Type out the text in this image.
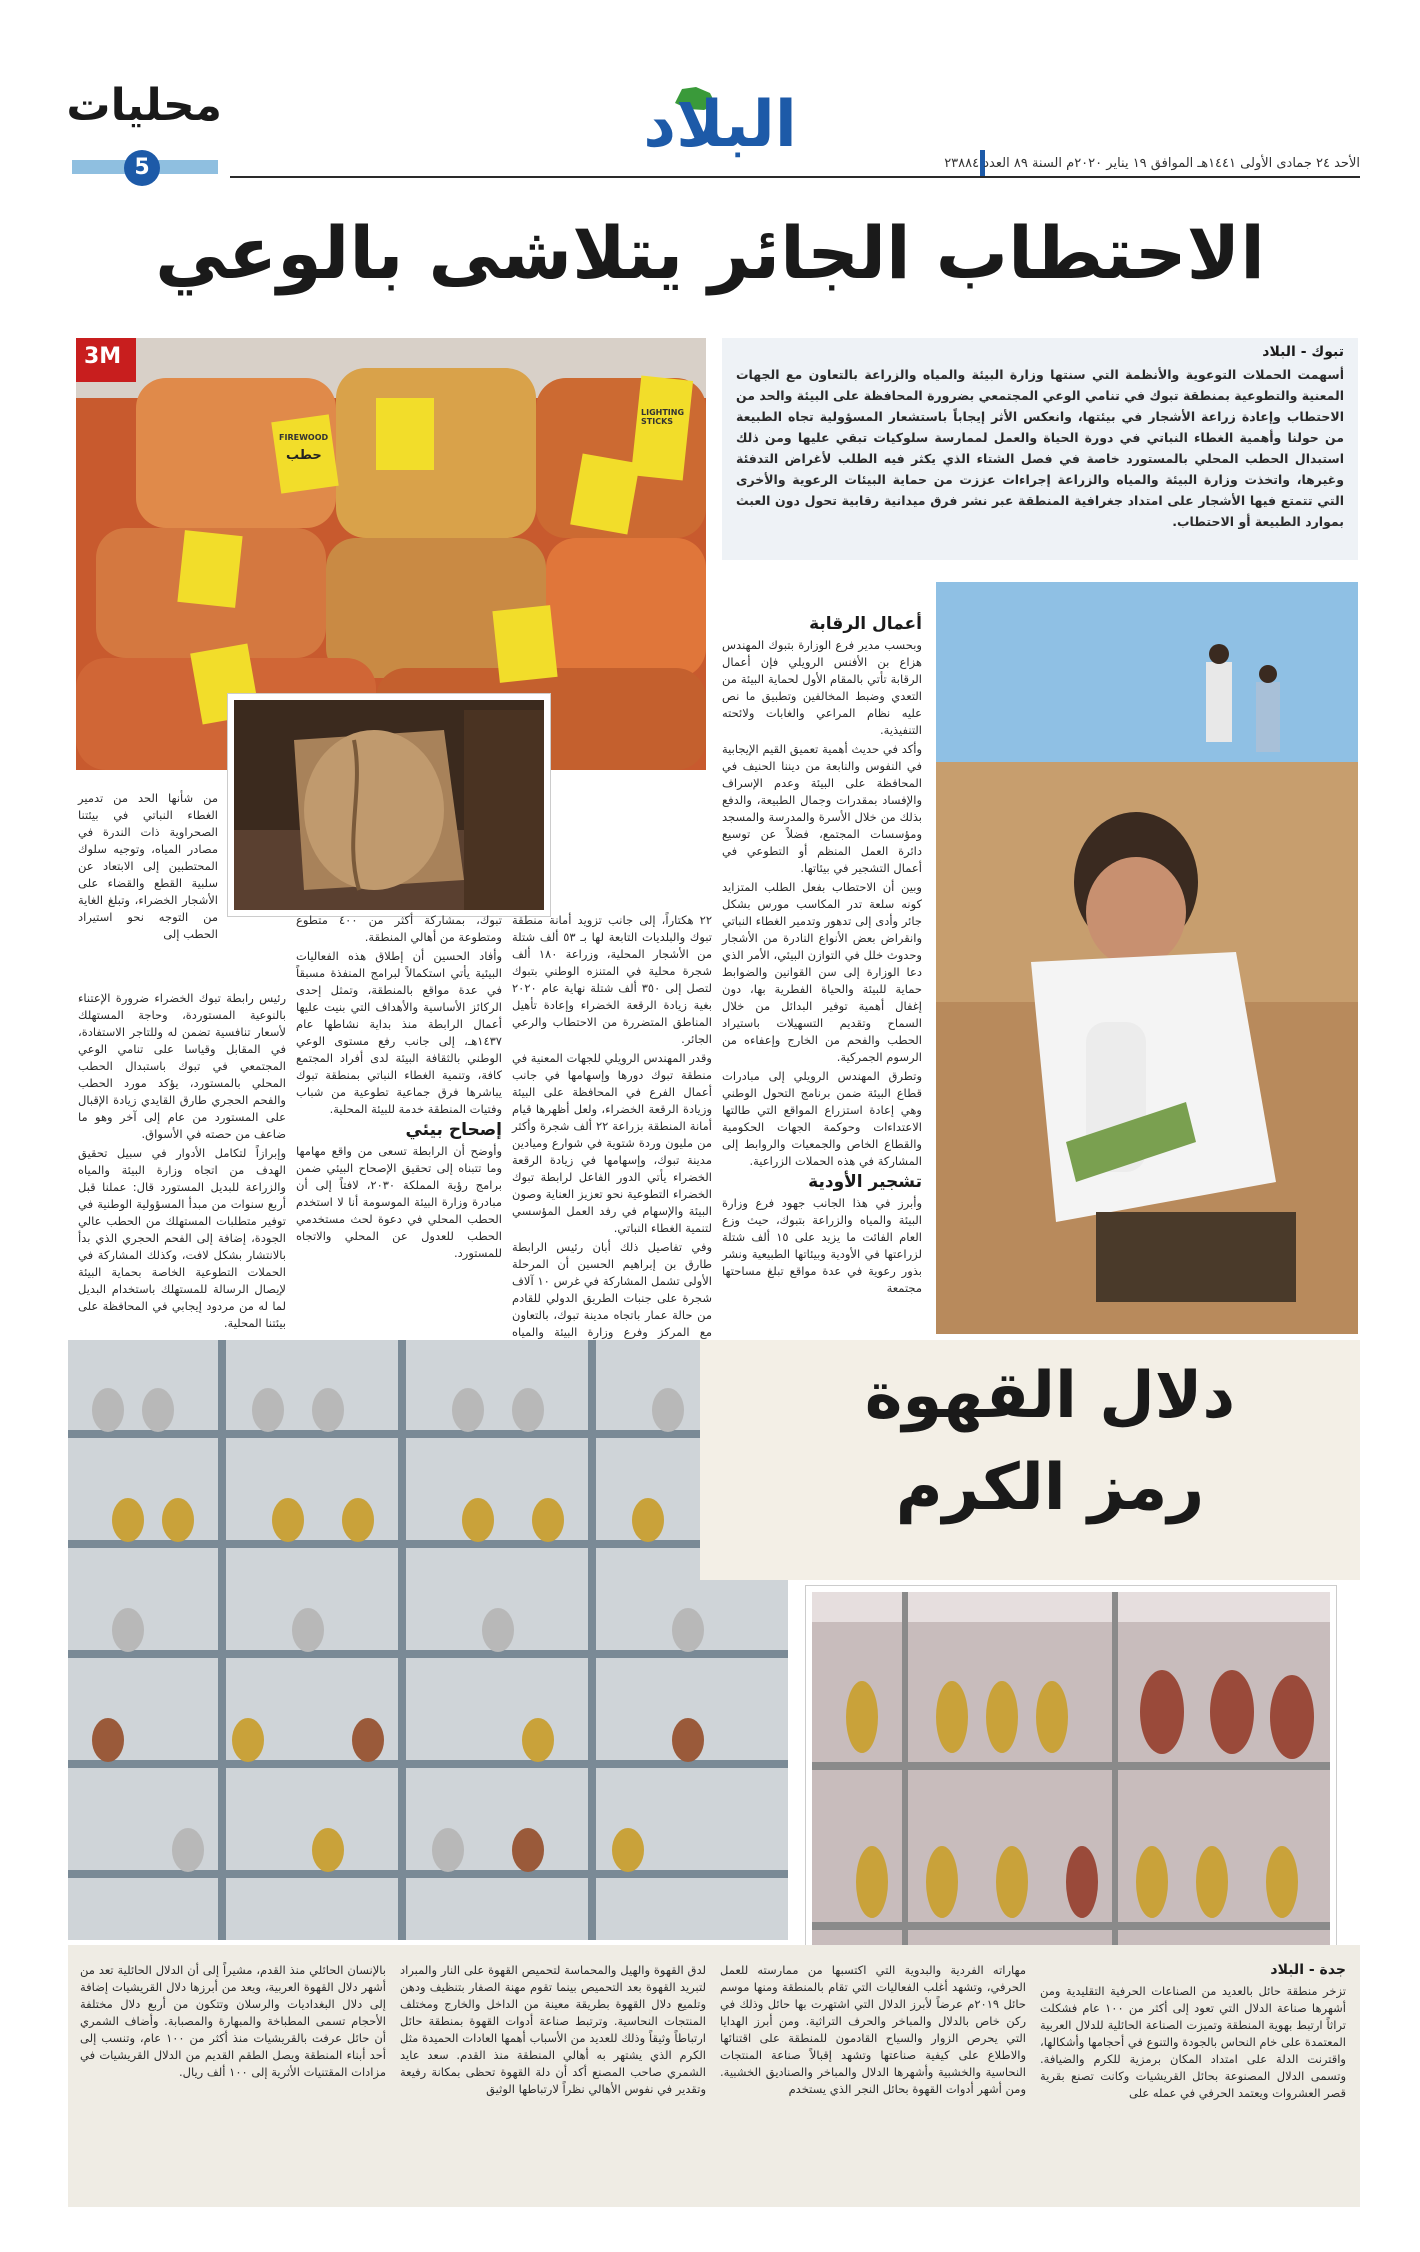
الأحد ٢٤ جمادى الأولى ١٤٤١هـ الموافق ١٩ يناير ٢٠٢٠م السنة ٨٩ العدد ٢٣٨٨٤
البلاد
محليات
5
الاحتطاب الجائر يتلاشى بالوعي
3M
FIREWOOD
حطب
LIGHTING STICKS
تبوك - البلاد
أسهمت الحملات التوعوية والأنظمة التي سنتها وزارة البيئة والمياه والزراعة بالتعاون مع الجهات المعنية والتطوعية بمنطقة تبوك في تنامي الوعي المجتمعي بضرورة المحافظة على البيئة والحد من الاحتطاب وإعادة زراعة الأشجار في بيئتها، وانعكس الأثر إيجاباً باستشعار المسؤولية تجاه الطبيعة من حولنا وأهمية الغطاء النباتي في دورة الحياة والعمل لممارسة سلوكيات تبقي عليها ومن ذلك استبدال الحطب المحلي بالمستورد خاصة في فصل الشتاء الذي يكثر فيه الطلب لأغراض التدفئة وغيرها، واتخذت وزارة البيئة والمياه والزراعة إجراءات عززت من حماية البيئات الرعوية والأخرى التي تتمتع فيها الأشجار على امتداد جغرافية المنطقة عبر نشر فرق ميدانية رقابية تحول دون العبث بموارد الطبيعة أو الاحتطاب.
أعمال الرقابة

وبحسب مدير فرع الوزارة بتبوك المهندس هزاع بن الأفنس الرويلي فإن أعمال الرقابة تأتي بالمقام الأول لحماية البيئة من التعدي وضبط المخالفين وتطبيق ما نص عليه نظام المراعي والغابات ولائحته التنفيذية.

وأكد في حديث أهمية تعميق القيم الإيجابية في النفوس والنابعة من ديننا الحنيف في المحافظة على البيئة وعدم الإسراف والإفساد بمقدرات وجمال الطبيعة، والدفع بذلك من خلال الأسرة والمدرسة والمسجد ومؤسسات المجتمع، فضلاً عن توسيع دائرة العمل المنظم أو التطوعي في أعمال التشجير في بيئاتها.

وبين أن الاحتطاب بفعل الطلب المتزايد كونه سلعة تدر المكاسب مورس بشكل جائر وأدى إلى تدهور وتدمير الغطاء النباتي وانقراض بعض الأنواع النادرة من الأشجار وحدوث خلل في التوازن البيئي، الأمر الذي دعا الوزارة إلى سن القوانين والضوابط حماية للبيئة والحياة الفطرية بها، دون إغفال أهمية توفير البدائل من خلال السماح وتقديم التسهيلات باستيراد الحطب والفحم من الخارج وإعفاءه من الرسوم الجمركية.

وتطرق المهندس الرويلي إلى مبادرات قطاع البيئة ضمن برنامج التحول الوطني وهي إعادة استزراع المواقع التي طالتها الاعتداءات وحوكمة الجهات الحكومية والقطاع الخاص والجمعيات والروابط إلى المشاركة في هذه الحملات الزراعية.

تشجير الأودية

وأبرز في هذا الجانب جهود فرع وزارة البيئة والمياه والزراعة بتبوك، حيث وزع العام الفائت ما يزيد على ١٥ ألف شتلة لزراعتها في الأودية وبيئاتها الطبيعية ونشر بذور رعوية في عدة مواقع تبلغ مساحتها مجتمعة

٢٢ هكتاراً، إلى جانب تزويد أمانة منطقة تبوك والبلديات التابعة لها بـ ٥٣ ألف شتلة من الأشجار المحلية، وزراعة ١٨٠ ألف شجرة محلية في المتنزه الوطني بتبوك لتصل إلى ٣٥٠ ألف شتلة نهاية عام ٢٠٢٠ بغية زيادة الرقعة الخضراء وإعادة تأهيل المناطق المتضررة من الاحتطاب والرعي الجائر.

وقدر المهندس الرويلي للجهات المعنية في منطقة تبوك دورها وإسهامها في جانب أعمال الفرع في المحافظة على البيئة وزيادة الرقعة الخضراء، ولعل أظهرها قيام أمانة المنطقة بزراعة ٢٢ ألف شجرة وأكثر من مليون وردة شتوية في شوارع وميادين مدينة تبوك، وإسهامها في زيادة الرقعة الخضراء يأتي الدور الفاعل لرابطة تبوك الخضراء التطوعية نحو تعزيز العناية وصون البيئة والإسهام في رفد العمل المؤسسي لتنمية الغطاء النباتي.

وفي تفاصيل ذلك أبان رئيس الرابطة طارق بن إبراهيم الحسين أن المرحلة الأولى تشمل المشاركة في غرس ١٠ آلاف شجرة على جنبات الطريق الدولي للقادم من حالة عمار باتجاه مدينة تبوك، بالتعاون مع المركز وفرع وزارة البيئة والمياه

تبوك، بمشاركة أكثر من ٤٠٠ متطوع ومتطوعة من أهالي المنطقة.

وأفاد الحسين أن إطلاق هذه الفعاليات البيئية يأتي استكمالاً لبرامج المنفذة مسبقاً في عدة مواقع بالمنطقة، وتمثل إحدى الركائز الأساسية والأهداف التي بنيت عليها أعمال الرابطة منذ بداية نشاطها عام ١٤٣٧هـ، إلى جانب رفع مستوى الوعي الوطني بالثقافة البيئة لدى أفراد المجتمع كافة، وتنمية الغطاء النباتي بمنطقة تبوك يباشرها فرق جماعية تطوعية من شباب وفتيات المنطقة خدمة للبيئة المحلية.

إصحاح بيئي

وأوضح أن الرابطة تسعى من واقع مهامها وما تتبناه إلى تحقيق الإصحاح البيئي ضمن برامج رؤية المملكة ٢٠٣٠، لافتاً إلى أن مبادرة وزارة البيئة الموسومة أنا لا استخدم الحطب المحلي في دعوة لحث مستخدمي الحطب للعدول عن المحلي والاتجاه للمستورد.

من شأنها الحد من تدمير الغطاء النباتي في بيئتنا الصحراوية ذات الندرة في مصادر المياه، وتوجيه سلوك المحتطبين إلى الابتعاد عن سلبية القطع والقضاء على الأشجار الخضراء، وتبلغ الغاية من التوجه نحو استيراد الحطب إلى

رئيس رابطة تبوك الخضراء ضرورة الإعتناء بالنوعية المستوردة، وحاجة المستهلك لأسعار تنافسية تضمن له وللتاجر الاستفادة، في المقابل وقياسا على تنامي الوعي المجتمعي في تبوك باستبدال الحطب المحلي بالمستورد، يؤكد مورد الحطب والفحم الحجري طارق القايدي زيادة الإقبال على المستورد من عام إلى آخر وهو ما ضاعف من حصته في الأسواق.

وإبرازاً لتكامل الأدوار في سبيل تحقيق الهدف من اتجاه وزارة البيئة والمياه والزراعة للبديل المستورد قال: عملنا قبل أربع سنوات من مبدأ المسؤولية الوطنية في توفير متطلبات المستهلك من الحطب عالي الجودة، إضافة إلى الفحم الحجري الذي بدأ بالانتشار بشكل لافت، وكذلك المشاركة في الحملات التطوعية الخاصة بحماية البيئة لإيصال الرسالة للمستهلك باستخدام البديل لما له من مردود إيجابي في المحافظة على بيئتنا المحلية.

دلال القهوة
رمز الكرم
جدة - البلاد

تزخر منطقة حائل بالعديد من الصناعات الحرفية التقليدية ومن أشهرها صناعة الدلال التي تعود إلى أكثر من ١٠٠ عام فشكلت تراثاً ارتبط بهوية المنطقة وتميزت الصناعة الحائلية للدلال العربية المعتمدة على خام النحاس بالجودة والتنوع في أحجامها وأشكالها، واقترنت الدلة على امتداد المكان برمزية للكرم والضيافة. وتسمى الدلال المصنوعة بحائل القريشيات وكانت تصنع بقرية قصر العشروات ويعتمد الحرفي في عمله على

مهاراته الفردية والبدوية التي اكتسبها من ممارسته للعمل الحرفي، وتشهد أغلب الفعاليات التي تقام بالمنطقة ومنها موسم حائل ٢٠١٩م عرضاً لأبرز الدلال التي اشتهرت بها حائل وذلك في ركن خاص بالدلال والمباخر والحرف التراثية. ومن أبرز الهدايا التي يحرص الزوار والسياح القادمون للمنطقة على اقتنائها والاطلاع على كيفية صناعتها وتشهد إقبالاً صناعة المنتجات النحاسية والخشبية وأشهرها الدلال والمباخر والصناديق الخشبية. ومن أشهر أدوات القهوة بحائل النجر الذي يستخدم

لدق القهوة والهيل والمحماسة لتحميص القهوة على النار والمبراد لتبريد القهوة بعد التحميص بينما تقوم مهنة الصفار بتنظيف ودهن وتلميع دلال القهوة بطريقة معينة من الداخل والخارج ومختلف المنتجات النحاسية. وترتبط صناعة أدوات القهوة بمنطقة حائل ارتباطاً وثيقاً وذلك للعديد من الأسباب أهمها العادات الحميدة مثل الكرم الذي يشتهر به أهالي المنطقة منذ القدم. سعد عايد الشمري صاحب المصنع أكد أن دلة القهوة تحظى بمكانة رفيعة وتقدير في نفوس الأهالي نظراً لارتباطها الوثيق

بالإنسان الحائلي منذ القدم، مشيراً إلى أن الدلال الحائلية تعد من أشهر دلال القهوة العربية، ويعد من أبرزها دلال القريشيات إضافة إلى دلال البغداديات والرسلان وتتكون من أربع دلال مختلفة الأحجام تسمى المطباخة والمبهارة والمصبابة. وأضاف الشمري أن حائل عرفت بالقريشيات منذ أكثر من ١٠٠ عام، وتنسب إلى أحد أبناء المنطقة ويصل الطقم القديم من الدلال القريشيات في مزادات المقتنيات الأثرية إلى ١٠٠ ألف ريال.
